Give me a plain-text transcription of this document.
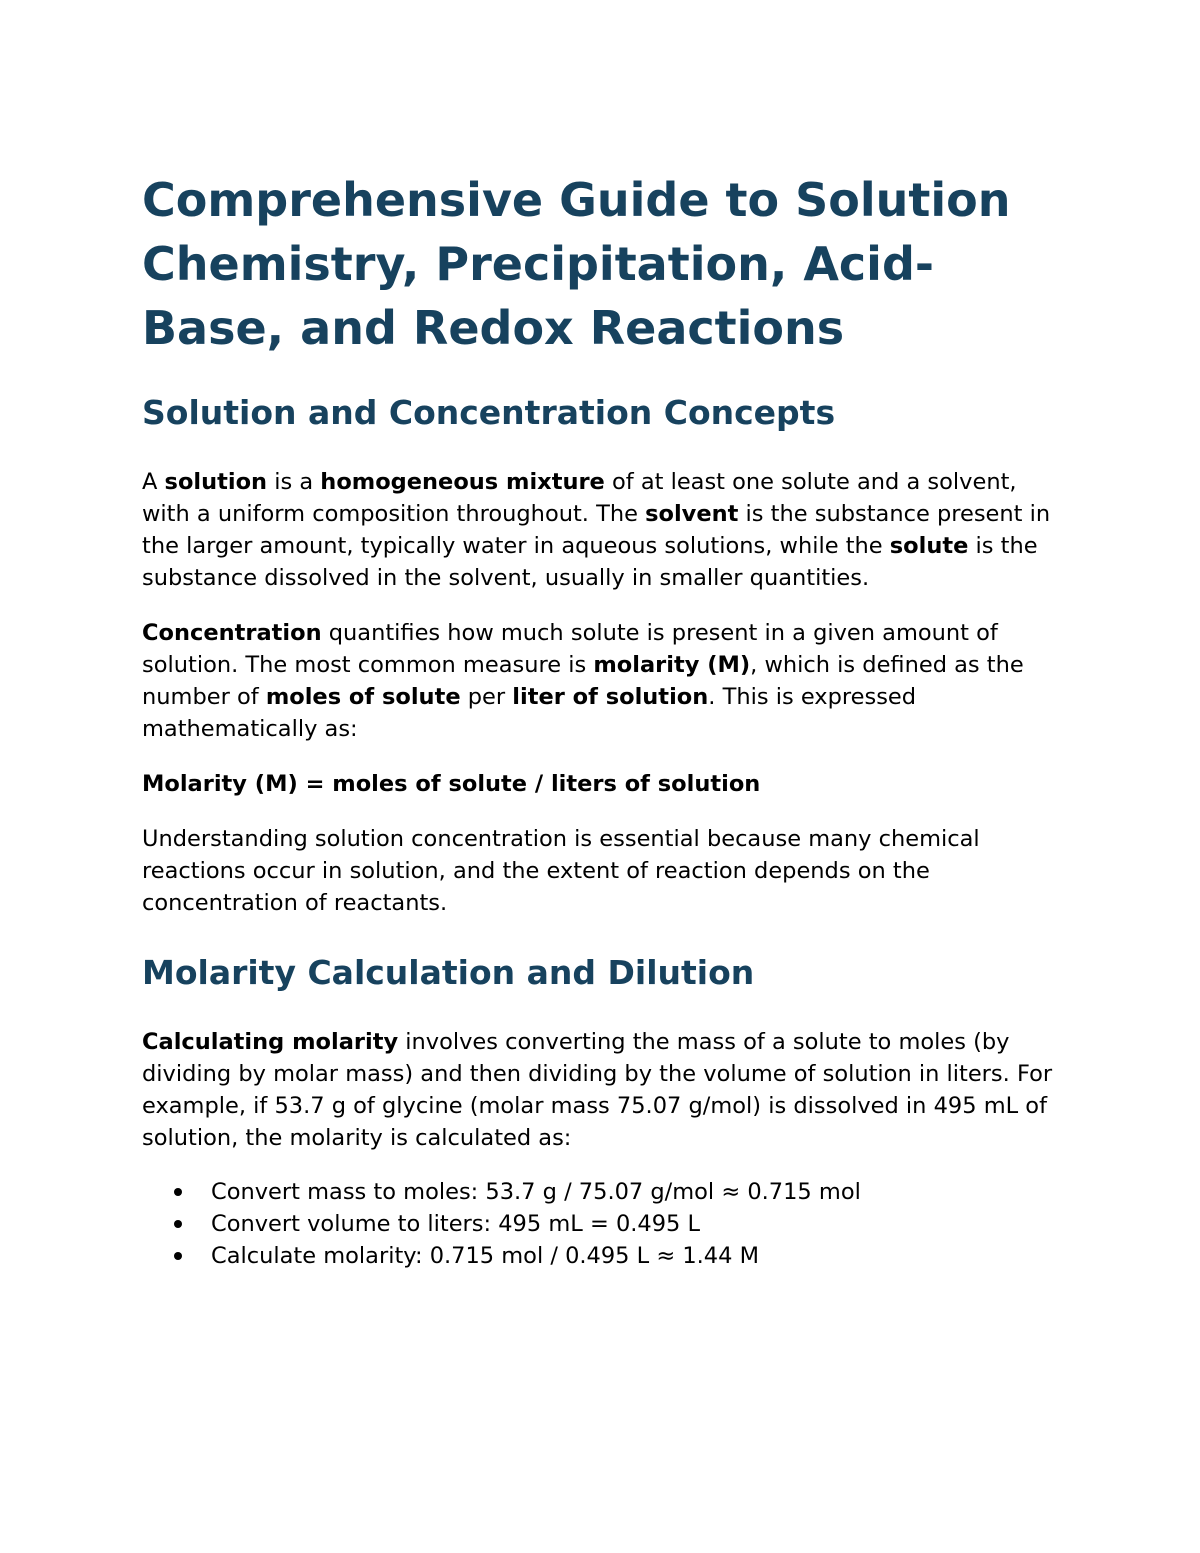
Comprehensive Guide to Solution Chemistry, Precipitation, Acid-Base, and Redox Reactions
Solution and Concentration Concepts

A solution is a homogeneous mixture of at least one solute and a solvent, with a uniform composition throughout. The solvent is the substance present in the larger amount, typically water in aqueous solutions, while the solute is the substance dissolved in the solvent, usually in smaller quantities.

Concentration quantifies how much solute is present in a given amount of solution. The most common measure is molarity (M), which is defined as the number of moles of solute per liter of solution. This is expressed mathematically as:

Molarity (M) = moles of solute / liters of solution

Understanding solution concentration is essential because many chemical reactions occur in solution, and the extent of reaction depends on the concentration of reactants.

Molarity Calculation and Dilution

Calculating molarity involves converting the mass of a solute to moles (by dividing by molar mass) and then dividing by the volume of solution in liters. For example, if 53.7 g of glycine (molar mass 75.07 g/mol) is dissolved in 495 mL of solution, the molarity is calculated as:

Convert mass to moles: 53.7 g / 75.07 g/mol ≈ 0.715 mol
Convert volume to liters: 495 mL = 0.495 L
Calculate molarity: 0.715 mol / 0.495 L ≈ 1.44 M
